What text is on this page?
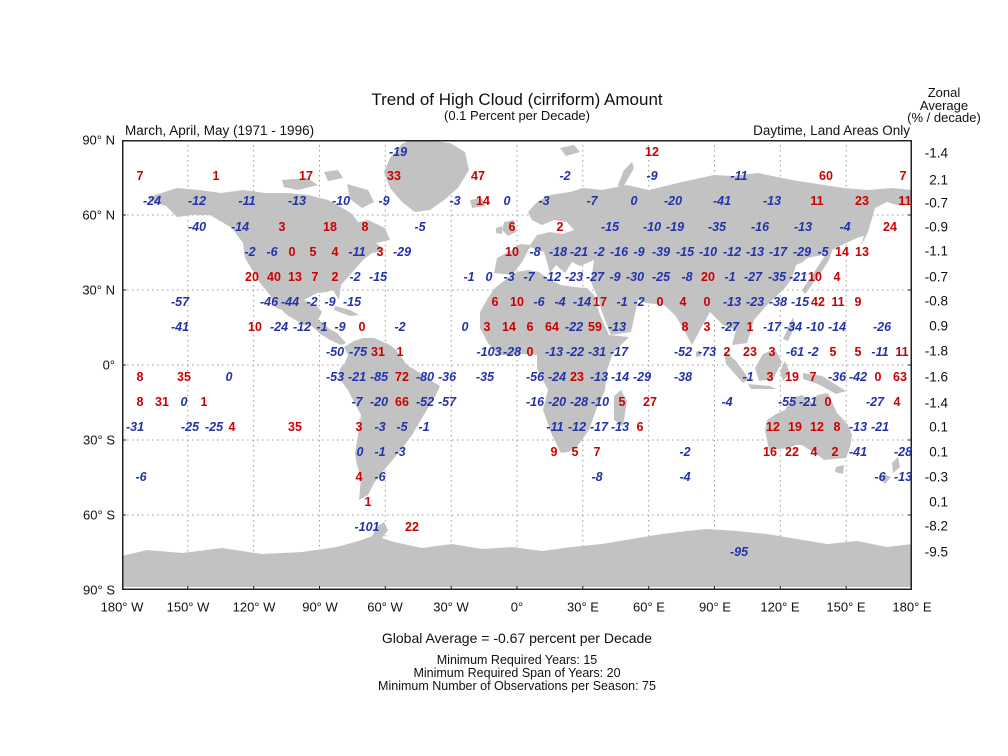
Trend of High Cloud (cirriform) Amount
(0.1 Percent per Decade)
Zonal
Average
(% / decade)
March, April, May (1971 - 1996)	Daytime, Land Areas Only
-19	12
7	1	17	33	47	-2	-9	-11	60	7
-24 -12	-11	-13 -10 -9	-3 14 0 -3	-7	0 -20 -41	-13 11	23 11
-40 -14 3	18 8	-5	6	2	-15 -10 -19 -35 -16 -13 -4	24
-2 -6 0 5 4 -11 3 -29	10 -8 -18 -21 -2 -16 -9 -39 -15 -10 -12 -13 -17 -29 -5 14 13
20 40 13 7 2 -2 -15	-1 0 -3 -7 -12 -23 -27 -9 -30 -25 -8 20 -1 -27 -35 -21 10 4
-57	-46 -44 -2 -9 -15	6 10 -6 -4 -14 17 -1 -2 0 4 0 -13 -23 -38 -15 42 11 9
-41	10 -24 -12 -1 -9 0 -2	0 3 14 6 64 -22 59 -13	8 3 -27 1 -17 -34 -10 -14 -26
-50 -75 31 1	-103 -28 0 -13 -22 -31 -17	-52 -73 2 23 3 -61 -2 5 5 -11 11
8	35	0	-53 -21 -85 72 -80 -36 -35	-56 -24 23 -13 -14 -29 -38	-1 3 19 7 -36 -42 0 63
8 31 0 1	-7 -20 66 -52 -57	-16 -20 -28 -10 5 27	-4	-55 -21 0	-27 4
-31	-25 -25 4	35	3 -3 -5 -1	-11 -12 -17 -13 6	12 19 12 8 -13 -21
0 -1 -3	9 5 7	-2	16 22 4 2 -41 -28
-6	4 -6	-8	-4	-6 -13
1
-101 22
-95
-1.4
2.1
-0.7
-0.9
-1.1
-0.7
-0.8
0.9
-1.8
-1.6
-1.4
0.1
0.1
-0.3
0.1
-8.2
-9.5
90° N
60° N
30° N
0°
30° S
60° S
90° S
180° W 150° W 120° W 90° W 60° W 30° W	0°	30° E	60° E	90° E 120° E 150° E 180° E
Global Average = -0.67 percent per Decade
Minimum Required Years: 15
Minimum Required Span of Years: 20
Minimum Number of Observations per Season: 75
